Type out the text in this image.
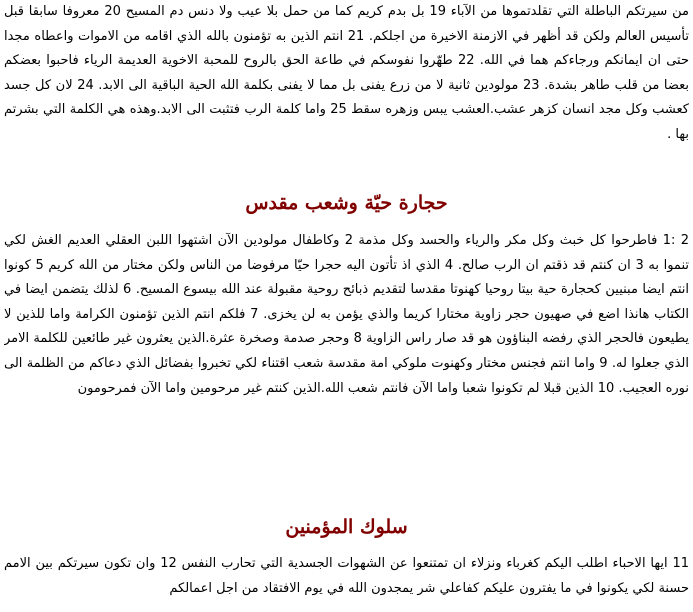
من سيرتكم الباطلة التي تقلدتموها من الآباء 19 بل بدم كريم كما من حمل بلا عيب ولا دنس دم المسيح 20 معروفا سابقا قبل تأسيس العالم ولكن قد أظهر في الازمنة الاخيرة من اجلكم. 21 انتم الذين به تؤمنون بالله الذي اقامه من الاموات واعطاه مجدا حتى ان ايمانكم ورجاءكم هما في الله. 22 طهّروا نفوسكم في طاعة الحق بالروح للمحبة الاخوية العديمة الرياء فاحبوا بعضكم بعضا من قلب طاهر بشدة. 23 مولودين ثانية لا من زرع يفنى بل مما لا يفنى بكلمة الله الحية الباقية الى الابد. 24 لان كل جسد كعشب وكل مجد انسان كزهر عشب.العشب يبس وزهره سقط 25 واما كلمة الرب فتثبت الى الابد.وهذه هي الكلمة التي بشرتم بها .

حجارة حيّة وشعب مقدس

2 :1 فاطرحوا كل خبث وكل مكر والرياء والحسد وكل مذمة 2 وكاطفال مولودين الآن اشتهوا اللبن العقلي العديم الغش لكي تنموا به 3 ان كنتم قد ذقتم ان الرب صالح. 4 الذي اذ تأتون اليه حجرا حيّا مرفوضا من الناس ولكن مختار من الله كريم 5 كونوا انتم ايضا مبنيين كحجارة حية بيتا روحيا كهنوتا مقدسا لتقديم ذبائح روحية مقبولة عند الله بيسوع المسيح. 6 لذلك يتضمن ايضا في الكتاب هانذا اضع في صهيون حجر زاوية مختارا كريما والذي يؤمن به لن يخزى. 7 فلكم انتم الذين تؤمنون الكرامة واما للذين لا يطيعون فالحجر الذي رفضه البناؤون هو قد صار راس الزاوية 8 وحجر صدمة وصخرة عثرة.الذين يعثرون غير طائعين للكلمة الامر الذي جعلوا له. 9 واما انتم فجنس مختار وكهنوت ملوكي امة مقدسة شعب اقتناء لكي تخبروا بفضائل الذي دعاكم من الظلمة الى نوره العجيب. 10 الذين قبلا لم تكونوا شعبا واما الآن فانتم شعب الله.الذين كنتم غير مرحومين واما الآن فمرحومون

سلوك المؤمنين

11 ايها الاحباء اطلب اليكم كغرباء ونزلاء ان تمتنعوا عن الشهوات الجسدية التي تحارب النفس 12 وان تكون سيرتكم بين الامم حسنة لكي يكونوا في ما يفترون عليكم كفاعلي شر يمجدون الله في يوم الافتقاد من اجل اعمالكم
